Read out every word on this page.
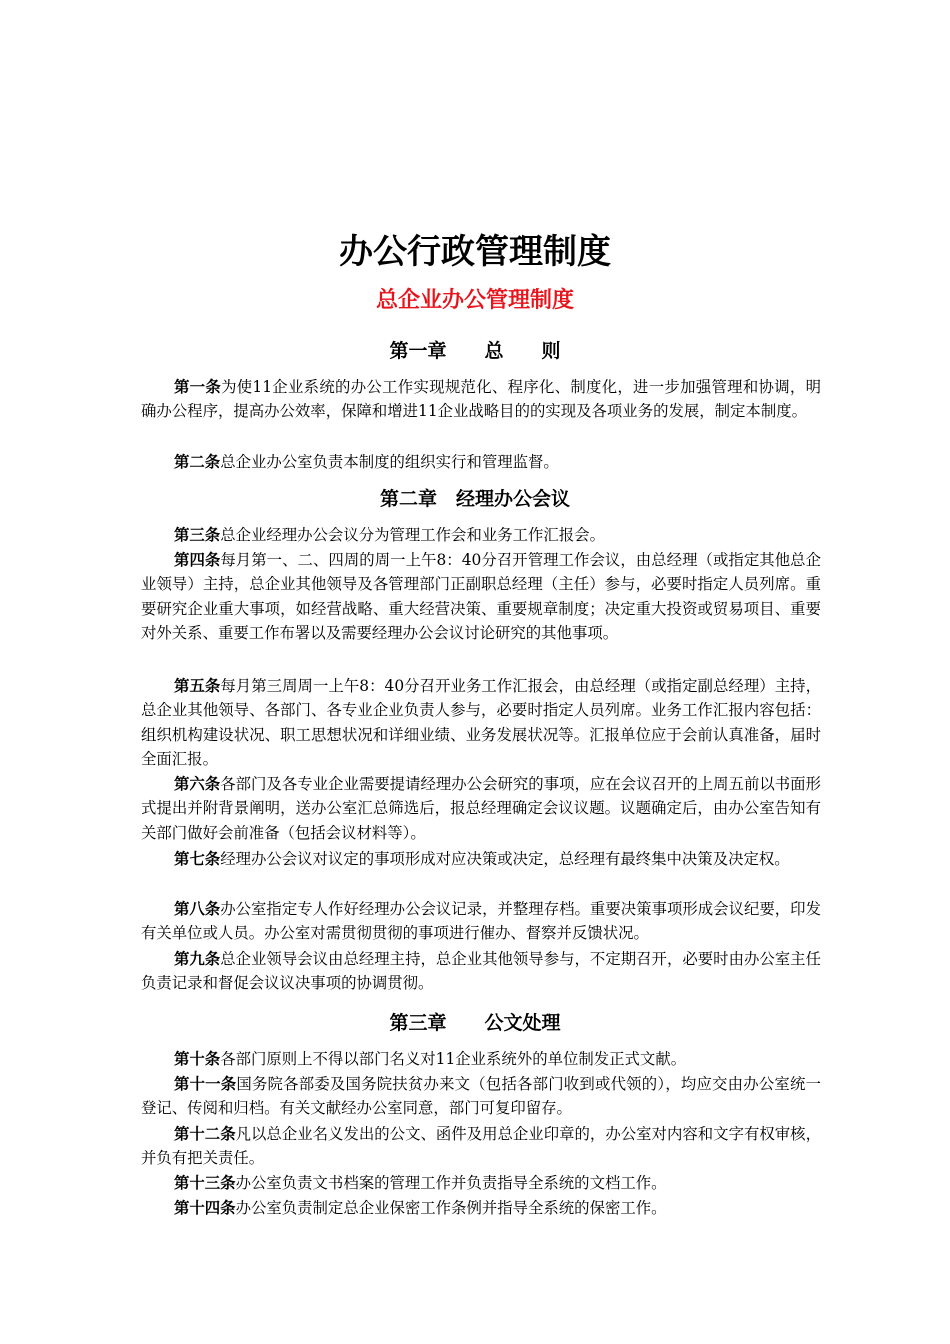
办公行政管理制度
总企业办公管理制度
第一章　　总　　则

第一条为使11企业系统的办公工作实现规范化、程序化、制度化，进一步加强管理和协调，明确办公程序，提高办公效率，保障和增进11企业战略目的的实现及各项业务的发展，制定本制度。

第二条总企业办公室负责本制度的组织实行和管理监督。

第二章　经理办公会议

第三条总企业经理办公会议分为管理工作会和业务工作汇报会。

第四条每月第一、二、四周的周一上午8：40分召开管理工作会议，由总经理（或指定其他总企业领导）主持，总企业其他领导及各管理部门正副职总经理（主任）参与，必要时指定人员列席。重要研究企业重大事项，如经营战略、重大经营决策、重要规章制度；决定重大投资或贸易项目、重要对外关系、重要工作布署以及需要经理办公会议讨论研究的其他事项。

第五条每月第三周周一上午8：40分召开业务工作汇报会，由总经理（或指定副总经理）主持，总企业其他领导、各部门、各专业企业负责人参与，必要时指定人员列席。业务工作汇报内容包括：组织机构建设状况、职工思想状况和详细业绩、业务发展状况等。汇报单位应于会前认真准备，届时全面汇报。

第六条各部门及各专业企业需要提请经理办公会研究的事项，应在会议召开的上周五前以书面形式提出并附背景阐明，送办公室汇总筛选后，报总经理确定会议议题。议题确定后，由办公室告知有关部门做好会前准备（包括会议材料等）。

第七条经理办公会议对议定的事项形成对应决策或决定，总经理有最终集中决策及决定权。

第八条办公室指定专人作好经理办公会议记录，并整理存档。重要决策事项形成会议纪要，印发有关单位或人员。办公室对需贯彻贯彻的事项进行催办、督察并反馈状况。

第九条总企业领导会议由总经理主持，总企业其他领导参与，不定期召开，必要时由办公室主任负责记录和督促会议议决事项的协调贯彻。

第三章　　公文处理

第十条各部门原则上不得以部门名义对11企业系统外的单位制发正式文献。

第十一条国务院各部委及国务院扶贫办来文（包括各部门收到或代领的），均应交由办公室统一登记、传阅和归档。有关文献经办公室同意，部门可复印留存。

第十二条凡以总企业名义发出的公文、函件及用总企业印章的，办公室对内容和文字有权审核，并负有把关责任。

第十三条办公室负责文书档案的管理工作并负责指导全系统的文档工作。

第十四条办公室负责制定总企业保密工作条例并指导全系统的保密工作。
